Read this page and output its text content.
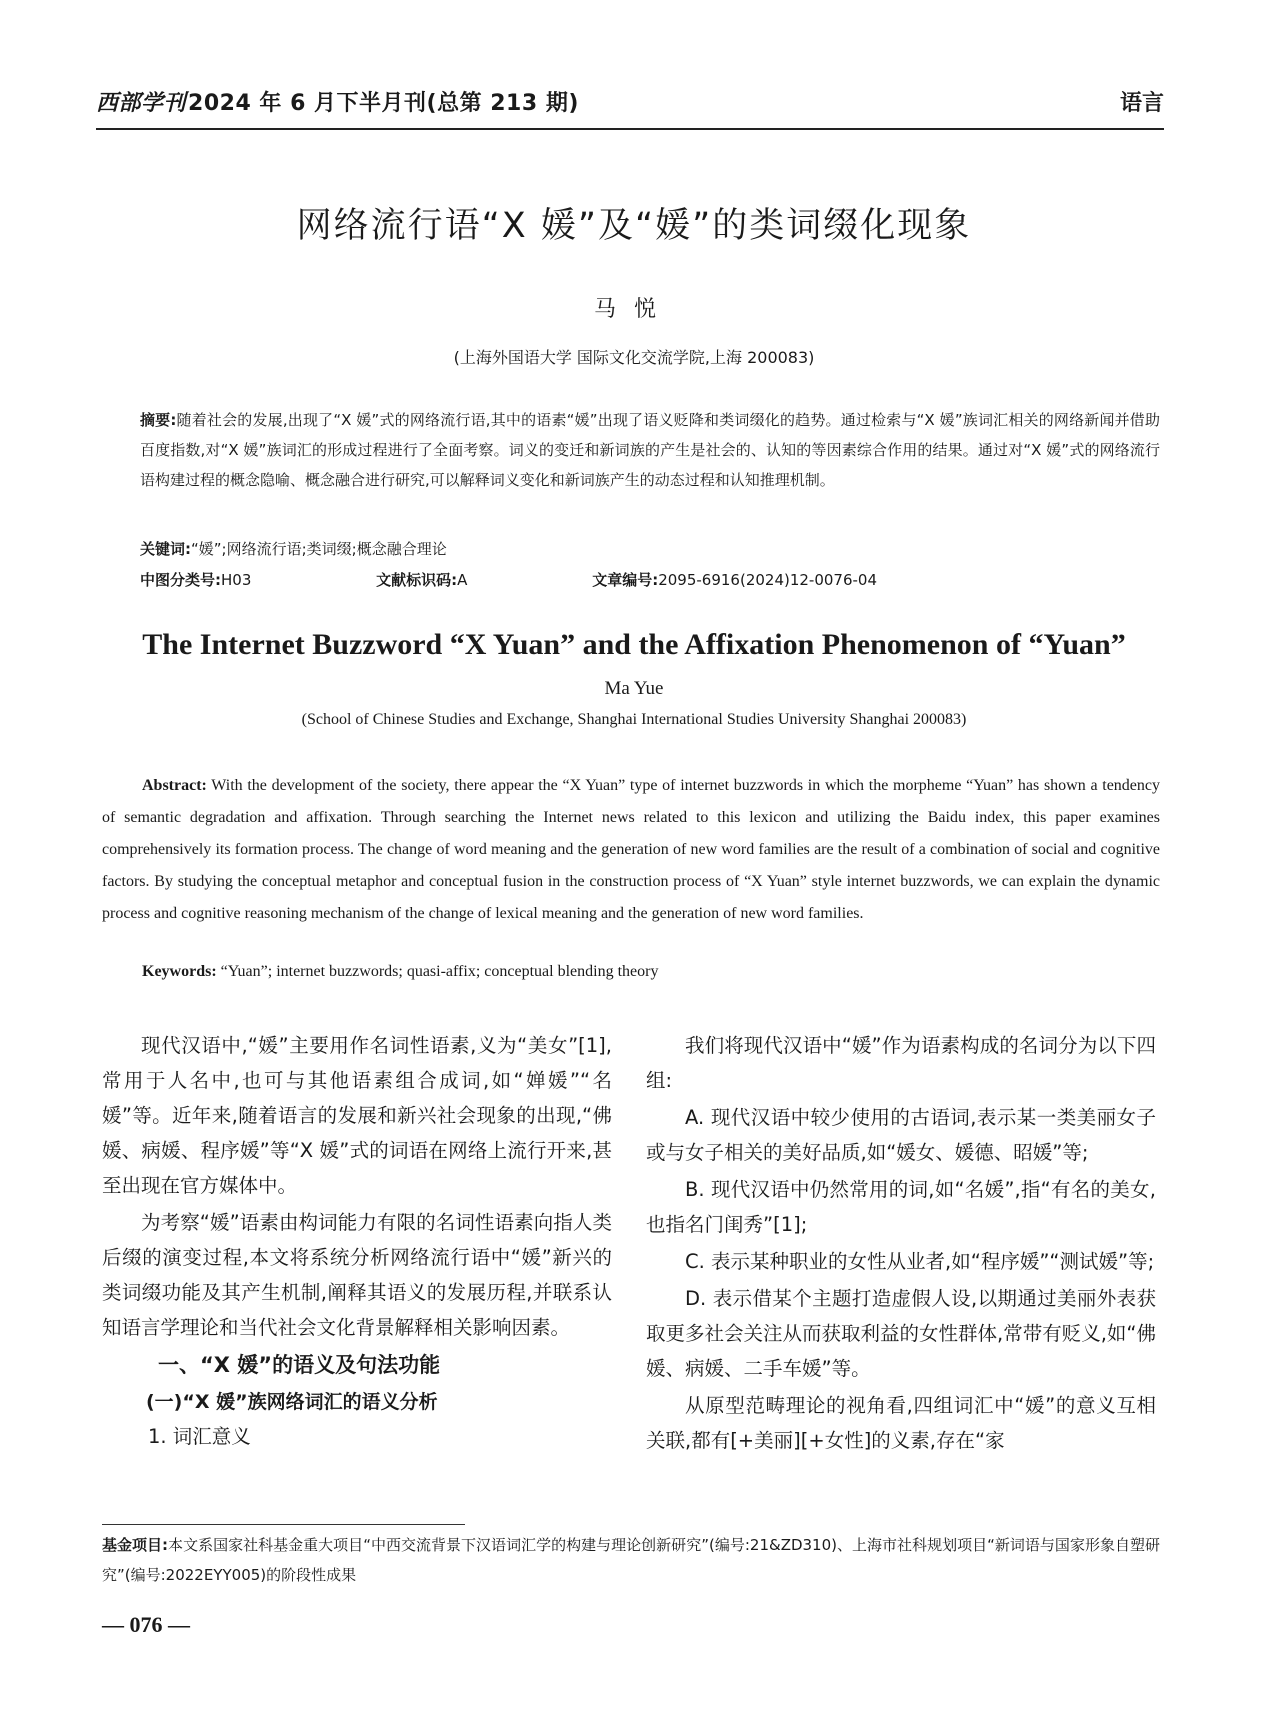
西部学刊2024 年 6 月下半月刊(总第 213 期)	语言
网络流行语“X 媛”及“媛”的类词缀化现象
马悦
(上海外国语大学 国际文化交流学院,上海 200083)
摘要:随着社会的发展,出现了“X 媛”式的网络流行语,其中的语素“媛”出现了语义贬降和类词缀化的趋势。通过检索与“X 媛”族词汇相关的网络新闻并借助百度指数,对“X 媛”族词汇的形成过程进行了全面考察。词义的变迁和新词族的产生是社会的、认知的等因素综合作用的结果。通过对“X 媛”式的网络流行语构建过程的概念隐喻、概念融合进行研究,可以解释词义变化和新词族产生的动态过程和认知推理机制。
关键词:“媛”;网络流行语;类词缀;概念融合理论
中图分类号:H03	文献标识码:A	文章编号:2095-6916(2024)12-0076-04
The Internet Buzzword “X Yuan” and the Affixation Phenomenon of “Yuan”
Ma Yue
(School of Chinese Studies and Exchange, Shanghai International Studies University Shanghai 200083)
Abstract: With the development of the society, there appear the “X Yuan” type of internet buzzwords in which the morpheme “Yuan” has shown a tendency of semantic degradation and affixation. Through searching the Internet news related to this lexicon and utilizing the Baidu index, this paper examines comprehensively its formation process. The change of word meaning and the generation of new word families are the result of a combination of social and cognitive factors. By studying the conceptual metaphor and conceptual fusion in the construction process of “X Yuan” style internet buzzwords, we can explain the dynamic process and cognitive reasoning mechanism of the change of lexical meaning and the generation of new word families.
Keywords: “Yuan”; internet buzzwords; quasi-affix; conceptual blending theory

现代汉语中,“媛”主要用作名词性语素,义为“美女”[1],常用于人名中,也可与其他语素组合成词,如“婵媛”“名媛”等。近年来,随着语言的发展和新兴社会现象的出现,“佛媛、病媛、程序媛”等“X 媛”式的词语在网络上流行开来,甚至出现在官方媒体中。

为考察“媛”语素由构词能力有限的名词性语素向指人类后缀的演变过程,本文将系统分析网络流行语中“媛”新兴的类词缀功能及其产生机制,阐释其语义的发展历程,并联系认知语言学理论和当代社会文化背景解释相关影响因素。

一、“X 媛”的语义及句法功能
(一)“X 媛”族网络词汇的语义分析
1. 词汇意义

我们将现代汉语中“媛”作为语素构成的名词分为以下四组:

A. 现代汉语中较少使用的古语词,表示某一类美丽女子或与女子相关的美好品质,如“媛女、媛德、昭媛”等;

B. 现代汉语中仍然常用的词,如“名媛”,指“有名的美女,也指名门闺秀”[1];

C. 表示某种职业的女性从业者,如“程序媛”“测试媛”等;

D. 表示借某个主题打造虚假人设,以期通过美丽外表获取更多社会关注从而获取利益的女性群体,常带有贬义,如“佛媛、病媛、二手车媛”等。

从原型范畴理论的视角看,四组词汇中“媛”的意义互相关联,都有[+美丽][+女性]的义素,存在“家

基金项目:本文系国家社科基金重大项目“中西交流背景下汉语词汇学的构建与理论创新研究”(编号:21&ZD310)、上海市社科规划项目“新词语与国家形象自塑研究”(编号:2022EYY005)的阶段性成果
— 076 —
